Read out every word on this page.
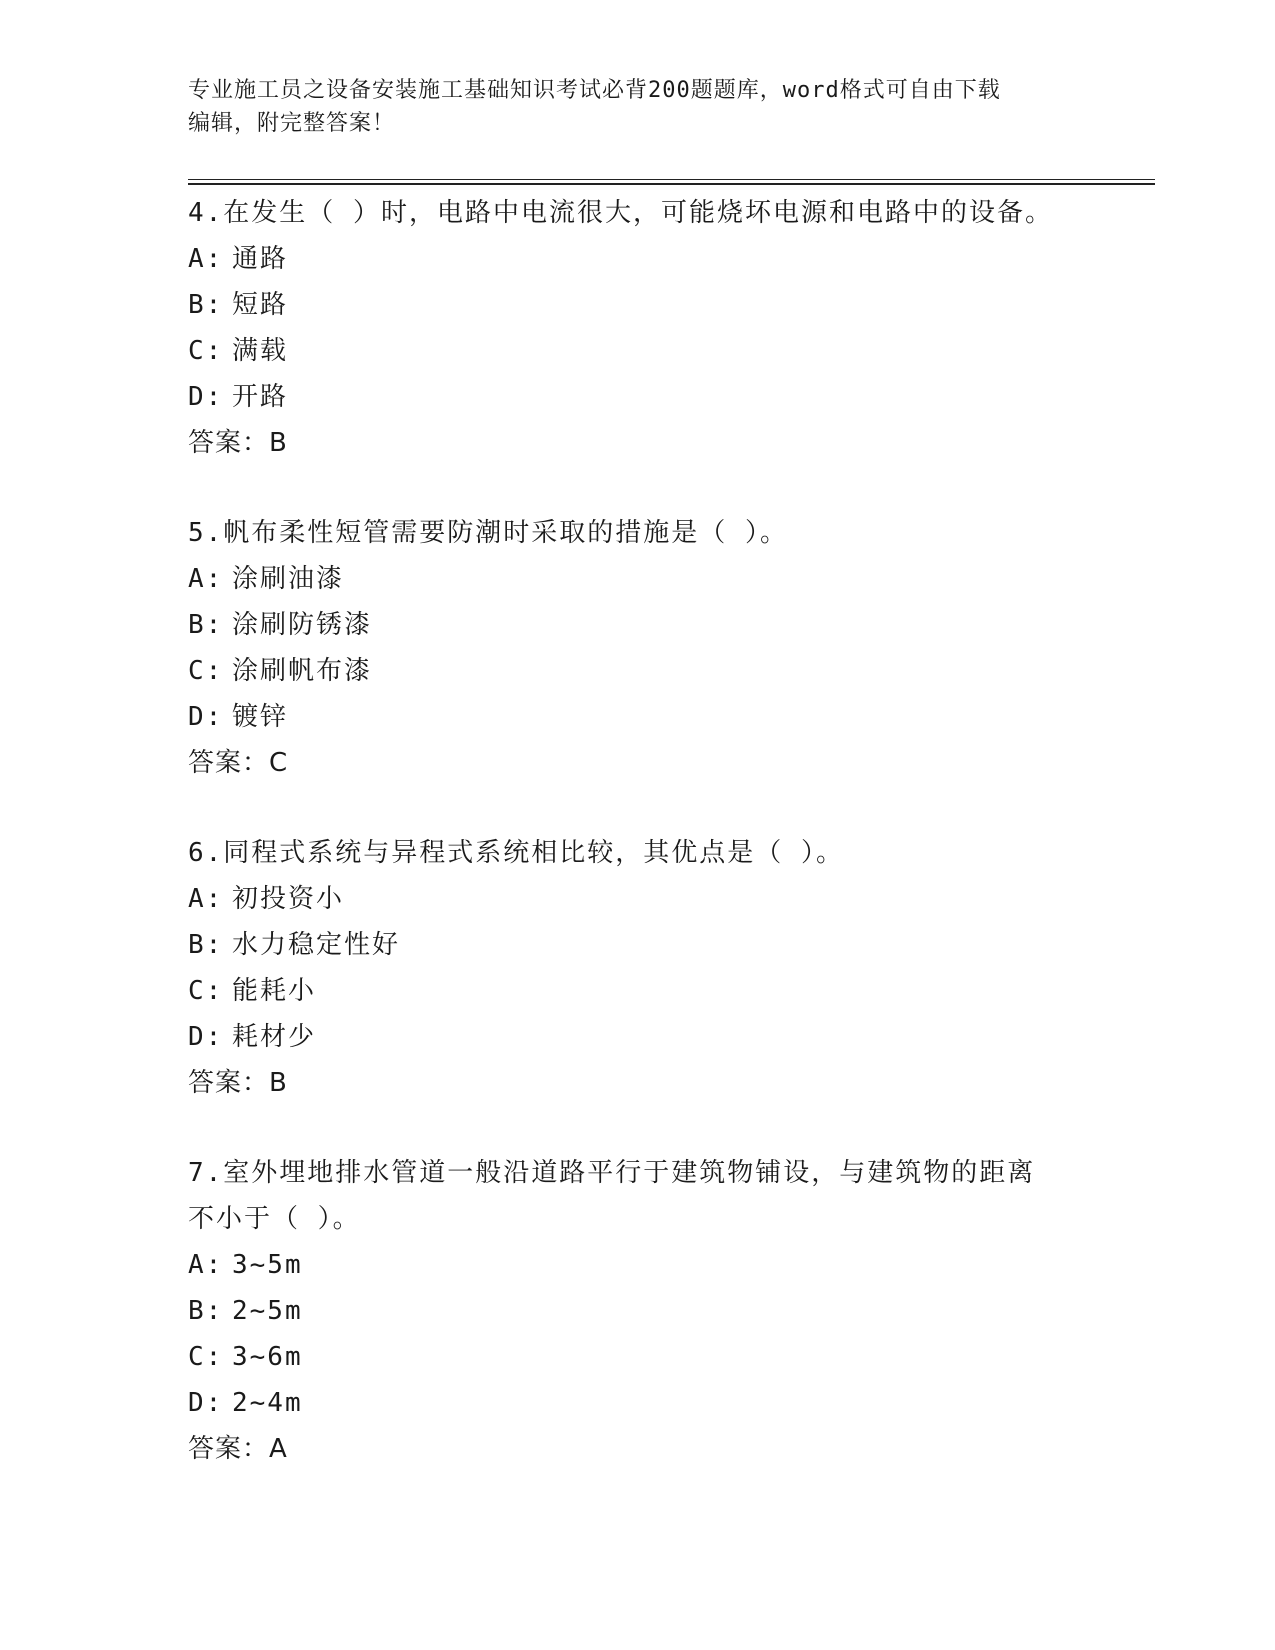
专业施工员之设备安装施工基础知识考试必背200题题库，word格式可自由下载
编辑，附完整答案！
4.在发生（ ）时，电路中电流很大，可能烧坏电源和电路中的设备。
A: 通路
B: 短路
C: 满载
D: 开路
答案：B
5.帆布柔性短管需要防潮时采取的措施是（ ）。
A: 涂刷油漆
B: 涂刷防锈漆
C: 涂刷帆布漆
D: 镀锌
答案：C
6.同程式系统与异程式系统相比较，其优点是（ ）。
A: 初投资小
B: 水力稳定性好
C: 能耗小
D: 耗材少
答案：B
7.室外埋地排水管道一般沿道路平行于建筑物铺设，与建筑物的距离
不小于（ ）。
A: 3~5m
B: 2~5m
C: 3~6m
D: 2~4m
答案：A
